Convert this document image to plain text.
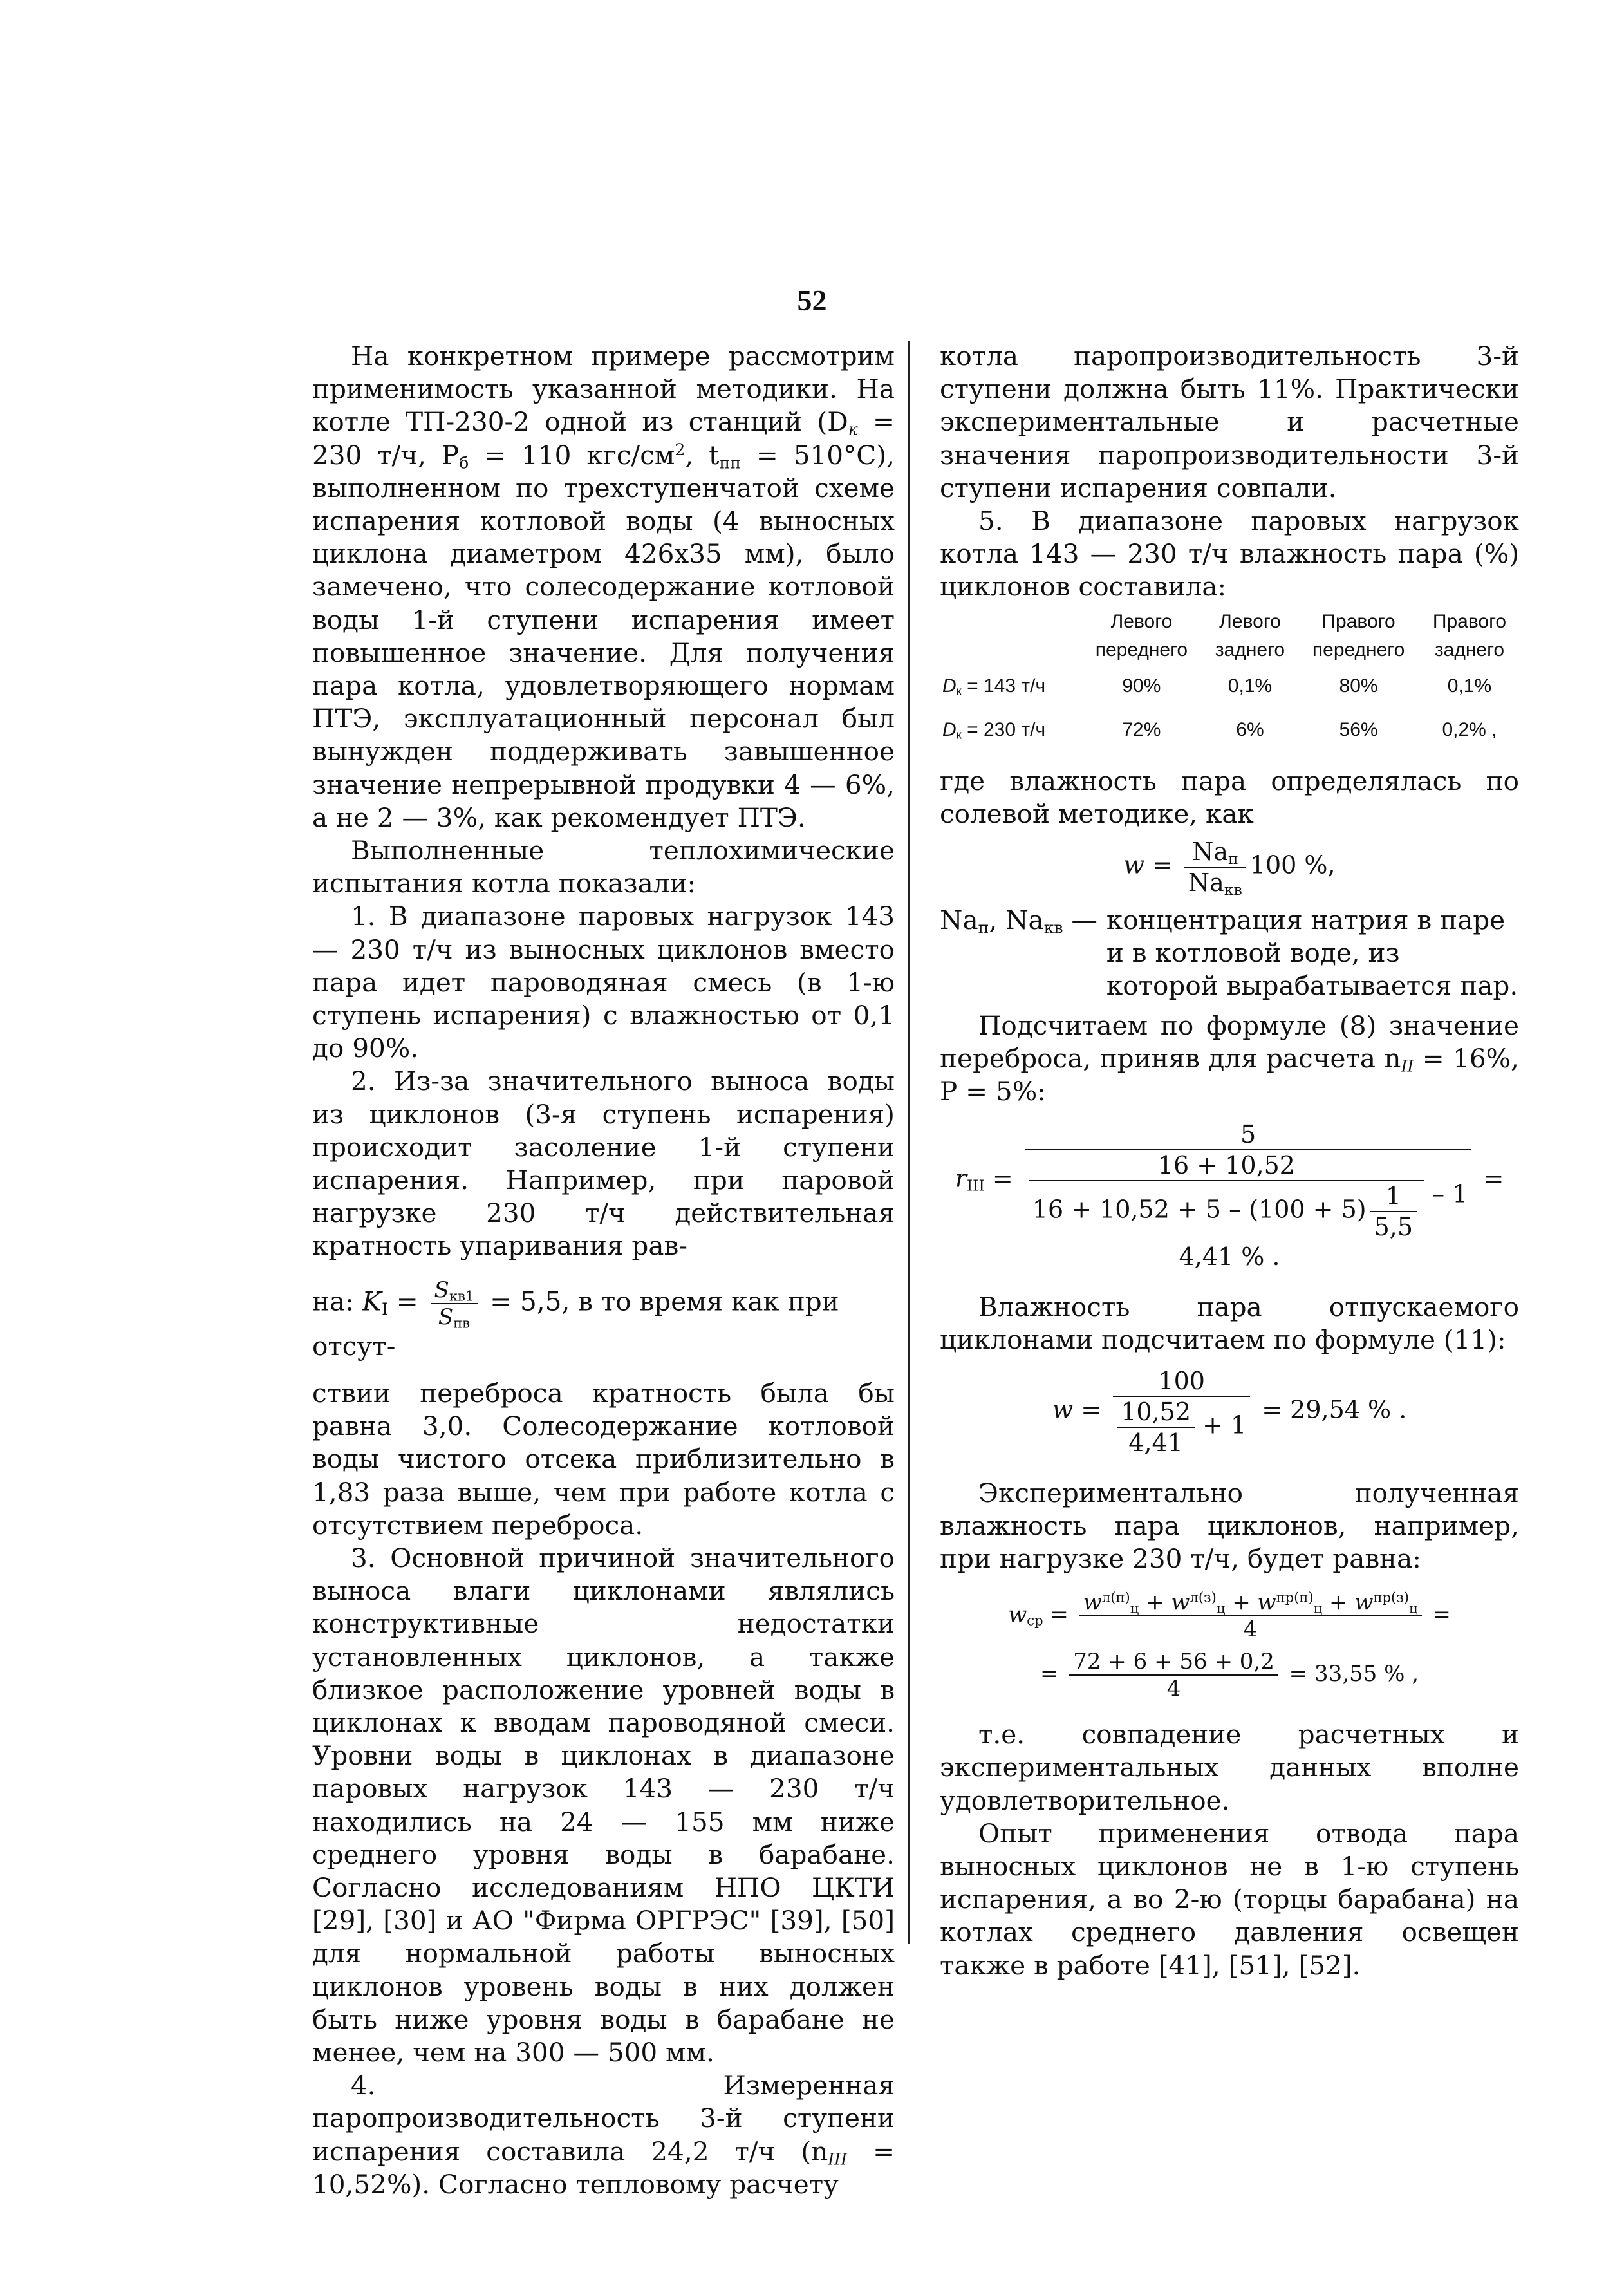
52

На конкретном примере рассмотрим применимость указанной методики. На котле ТП-230-2 одной из станций ($D_к = 230$ т/ч, $P_б = 110$ кгс/$см^2$, $t_{пп} = 510^\circ С$), выполненном по трехступенчатой схеме испарения котловой воды (4 выносных циклона диаметром 426x35 мм), было замечено, что солесодержание котловой воды 1-й ступени испарения имеет повышенное значение. Для получения пара котла, удовлетворяющего нормам ПТЭ, эксплуатационный персонал был вынужден поддерживать завышенное значение непрерывной продувки 4 — 6%, а не 2 — 3%, как рекомендует ПТЭ.

Выполненные теплохимические испытания котла показали:

1. В диапазоне паровых нагрузок 143 — 230 т/ч из выносных циклонов вместо пара идет пароводяная смесь (в 1-ю ступень испарения) с влажностью от 0,1 до 90%.

2. Из-за значительного выноса воды из циклонов (3-я ступень испарения) происходит засоление 1-й ступени испарения. Например, при паровой нагрузке 230 т/ч действительная кратность упаривания рав-

на: $K_I = \frac{S_{кв1}}{S_{пв}} = 5,5$, в то время как при отсут-

ствии переброса кратность была бы равна 3,0. Солесодержание котловой воды чистого отсека приблизительно в 1,83 раза выше, чем при работе котла с отсутствием переброса.

3. Основной причиной значительного выноса влаги циклонами являлись конструктивные недостатки установленных циклонов, а также близкое расположение уровней воды в циклонах к вводам пароводяной смеси. Уровни воды в циклонах в диапазоне паровых нагрузок 143 — 230 т/ч находились на 24 — 155 мм ниже среднего уровня воды в барабане. Согласно исследованиям НПО ЦКТИ [29], [30] и АО "Фирма ОРГРЭС" [39], [50] для нормальной работы выносных циклонов уровень воды в них должен быть ниже уровня воды в барабане не менее, чем на 300 — 500 мм.

4. Измеренная паропроизводительность 3-й ступени испарения составила 24,2 т/ч $(n_{III} = 10,52\%)$. Согласно тепловому расчету

котла паропроизводительность 3-й ступени должна быть 11%. Практически экспериментальные и расчетные значения паропроизводительности 3-й ступени испарения совпали.

5. В диапазоне паровых нагрузок котла 143 — 230 т/ч влажность пара (%) циклонов составила:

	Левого	Левого	Правого	Правого
	переднего	заднего	переднего	заднего
$D_к = 143$ т/ч	90%	0,1%	80%	0,1%
$D_к = 230$ т/ч	72%	6%	56%	0,2% ,

где влажность пара определялась по солевой методике, как

$w = \frac{Na_п}{Na_{кв}} 100$ %,
$Na_п$, $Na_{кв}$ — концентрация натрия в паре и в котловой воде, из которой вырабатывается пар.

Подсчитаем по формуле (8) значение переброса, приняв для расчета $n_{II} = 16\%$, P = 5%:

$r_{III}$ =
5
$\frac{16 + 10,52}{16 + 10,52 + 5 - (100 + 5) \frac{1}{5,5}} - 1$
= 4,41 % .

Влажность пара отпускаемого циклонами подсчитаем по формуле (11):

$w = \frac{100}{\frac{10,52}{4,41} + 1} = 29,54$ % .

Экспериментально полученная влажность пара циклонов, например, при нагрузке 230 т/ч, будет равна:

$w_{ср} = \frac{w^{л(п)}_ц + w^{л(з)}_ц + w^{пр(п)}_ц + w^{пр(з)}_ц}{4}$ =
= $\frac{72 + 6 + 56 + 0,2}{4} = 33,55$ % ,

т.е. совпадение расчетных и экспериментальных данных вполне удовлетворительное.

Опыт применения отвода пара выносных циклонов не в 1-ю ступень испарения, а во 2-ю (торцы барабана) на котлах среднего давления освещен также в работе [41], [51], [52].
